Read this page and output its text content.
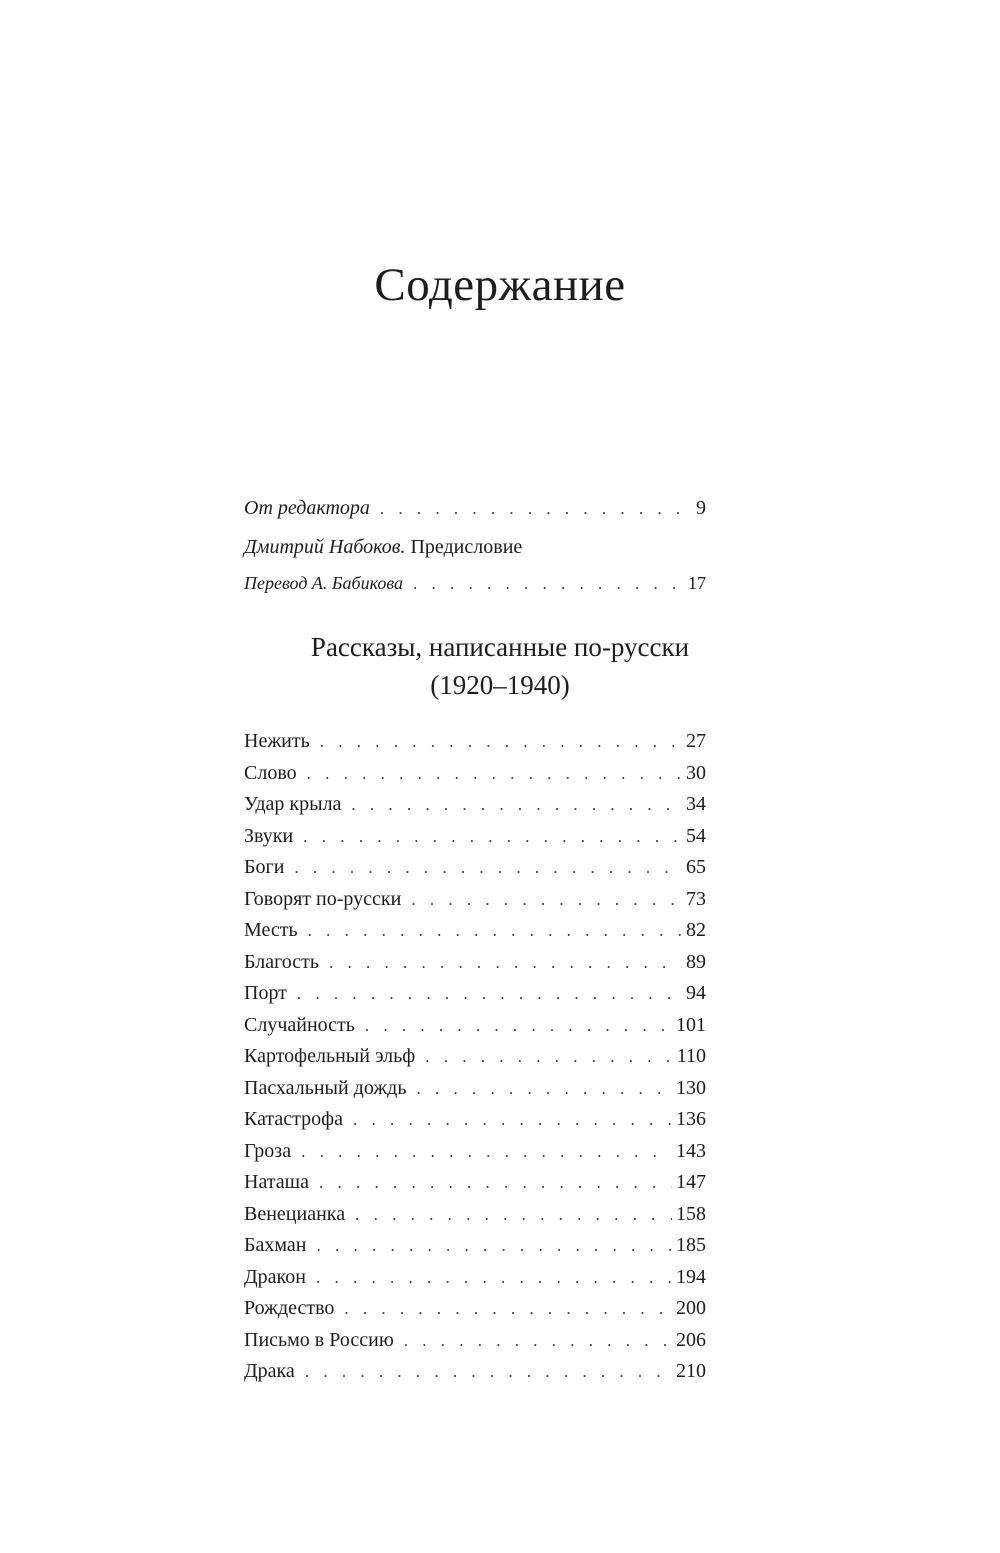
Содержание
От редактора . . .	9
Дмитрий Набоков. Предисловие
Перевод А. Бабикова . . .	17
Рассказы, написанные по-русски
(1920–1940)
Нежить . . .	27
Слово . . .	30
Удар крыла . . .	34
Звуки . . .	54
Боги . . .	65
Говорят по-русски . . .	73
Месть . . .	82
Благость . . .	89
Порт . . .	94
Случайность . . .	101
Картофельный эльф . . .	110
Пасхальный дождь . . .	130
Катастрофа . . .	136
Гроза . . .	143
Наташа . . .	147
Венецианка . . .	158
Бахман . . .	185
Дракон . . .	194
Рождество . . .	200
Письмо в Россию . . .	206
Драка . . .	210
